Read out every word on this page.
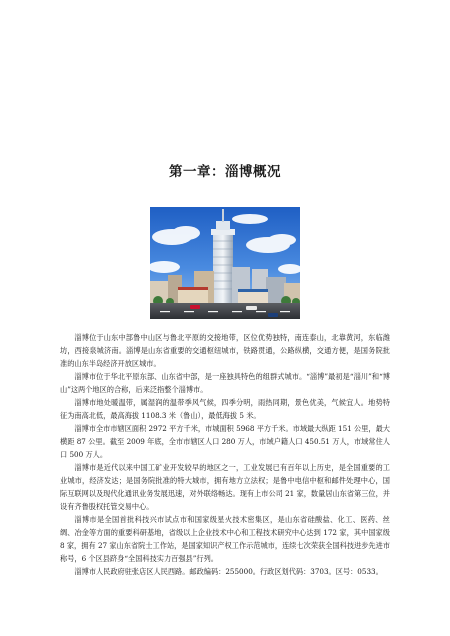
第一章：淄博概况

淄博位于山东中部鲁中山区与鲁北平原的交接地带，区位优势独特，南连泰山，北靠黄河，东临潍坊，西接泉城济南。淄博是山东省重要的交通枢纽城市，铁路贯通，公路纵横，交通方便，是国务院批准的山东半岛经济开放区城市。

淄博市位于华北平原东部、山东省中部，是一座独具特色的组群式城市。“淄博”最初是“淄川”和“博山”这两个地区的合称，后来泛指整个淄博市。

淄博市地处暖温带，属湿润的温带季风气候，四季分明，雨热同期，景色优美，气候宜人。地势特征为南高北低，最高海拔 1108.3 米（鲁山），最低海拔 5 米。

淄博市全市市辖区面积 2972 平方千米，市城面积 5968 平方千米。市域最大纵距 151 公里，最大横距 87 公里。截至 2009 年底，全市市辖区人口 280 万人，市域户籍人口 450.51 万人，市域常住人口 500 万人。

淄博市是近代以来中国工矿业开发较早的地区之一，工业发展已有百年以上历史，是全国重要的工业城市，经济发达；是国务院批准的特大城市，拥有地方立法权；是鲁中电信中枢和邮件处理中心，国际互联网以及现代化通讯业务发展迅速，对外联络畅达。现有上市公司 21 家，数量居山东省第三位，并设有齐鲁股权托管交易中心。

淄博市是全国首批科技兴市试点市和国家级星火技术密集区，是山东省硅酸盐、化工、医药、丝绸、冶金等方面的重要科研基地，省级以上企业技术中心和工程技术研究中心达到 172 家，其中国家级 8 家，拥有 27 家山东省院士工作站，是国家知识产权工作示范城市，连续七次荣获全国科技进步先进市称号，6 个区县跻身“全国科技实力百强县”行列。

淄博市人民政府驻张店区人民西路。邮政编码：255000。行政区划代码：3703。区号：0533。
